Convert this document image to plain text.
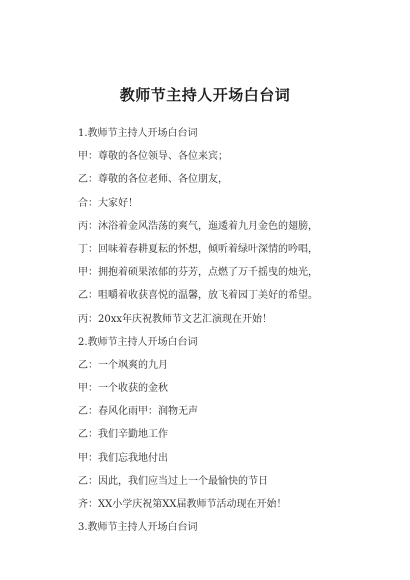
教师节主持人开场白台词
1.教师节主持人开场白台词
甲：尊敬的各位领导、各位来宾；
乙：尊敬的各位老师、各位朋友，
合：大家好！
丙：沐浴着金风浩荡的爽气，迤逶着九月金色的翅膀，
丁：回味着春耕夏耘的怀想，倾听着绿叶深情的吟唱，
甲：拥抱着硕果浓郁的芬芳，点燃了万千摇曳的烛光，
乙：咀嚼着收获喜悦的温馨，放飞着园丁美好的希望。
丙：20xx年庆祝教师节文艺汇演现在开始！
2.教师节主持人开场白台词
乙：一个飒爽的九月
甲：一个收获的金秋
乙：春风化雨甲：润物无声
乙：我们辛勤地工作
甲：我们忘我地付出
乙：因此，我们应当过上一个最愉快的节日
齐：XX小学庆祝第XX届教师节活动现在开始！
3.教师节主持人开场白台词
